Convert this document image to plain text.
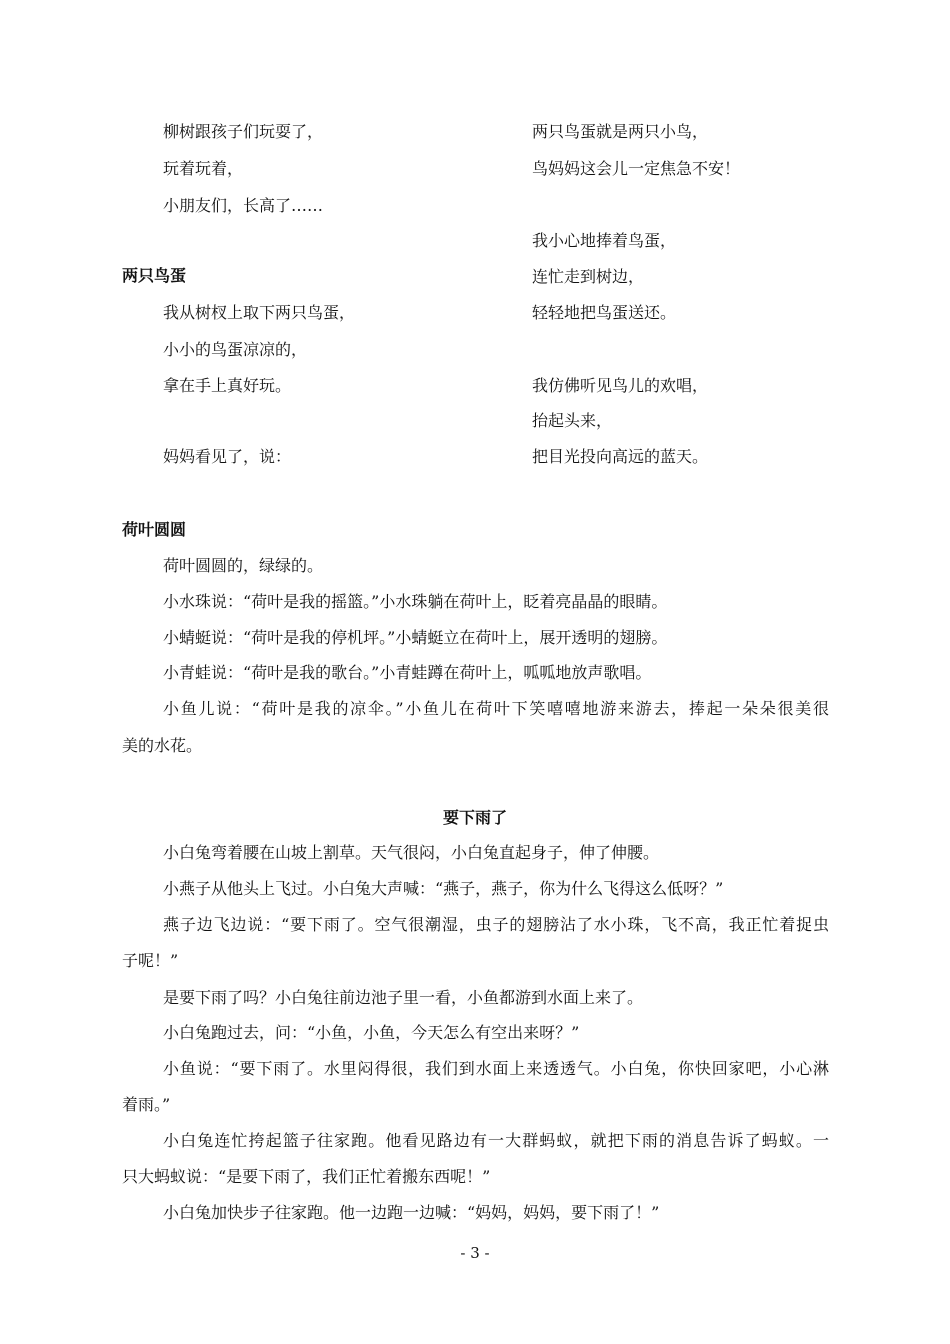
柳树跟孩子们玩耍了，
玩着玩着，
小朋友们，长高了……
两只鸟蛋
我从树杈上取下两只鸟蛋，
小小的鸟蛋凉凉的，
拿在手上真好玩。
妈妈看见了，说：
两只鸟蛋就是两只小鸟，
鸟妈妈这会儿一定焦急不安！
我小心地捧着鸟蛋，
连忙走到树边，
轻轻地把鸟蛋送还。
我仿佛听见鸟儿的欢唱，
抬起头来，
把目光投向高远的蓝天。
荷叶圆圆
荷叶圆圆的，绿绿的。
小水珠说：“荷叶是我的摇篮。”小水珠躺在荷叶上，眨着亮晶晶的眼睛。
小蜻蜓说：“荷叶是我的停机坪。”小蜻蜓立在荷叶上，展开透明的翅膀。
小青蛙说：“荷叶是我的歌台。”小青蛙蹲在荷叶上，呱呱地放声歌唱。
小鱼儿说：“荷叶是我的凉伞。”小鱼儿在荷叶下笑嘻嘻地游来游去，捧起一朵朵很美很
美的水花。
要下雨了
小白兔弯着腰在山坡上割草。天气很闷，小白兔直起身子，伸了伸腰。
小燕子从他头上飞过。小白兔大声喊：“燕子，燕子，你为什么飞得这么低呀？”
燕子边飞边说：“要下雨了。空气很潮湿，虫子的翅膀沾了水小珠，飞不高，我正忙着捉虫
子呢！”
是要下雨了吗？小白兔往前边池子里一看，小鱼都游到水面上来了。
小白兔跑过去，问：“小鱼，小鱼，今天怎么有空出来呀？”
小鱼说：“要下雨了。水里闷得很，我们到水面上来透透气。小白兔，你快回家吧，小心淋
着雨。”
小白兔连忙挎起篮子往家跑。他看见路边有一大群蚂蚁，就把下雨的消息告诉了蚂蚁。一
只大蚂蚁说：“是要下雨了，我们正忙着搬东西呢！”
小白兔加快步子往家跑。他一边跑一边喊：“妈妈，妈妈，要下雨了！”
- 3 -
